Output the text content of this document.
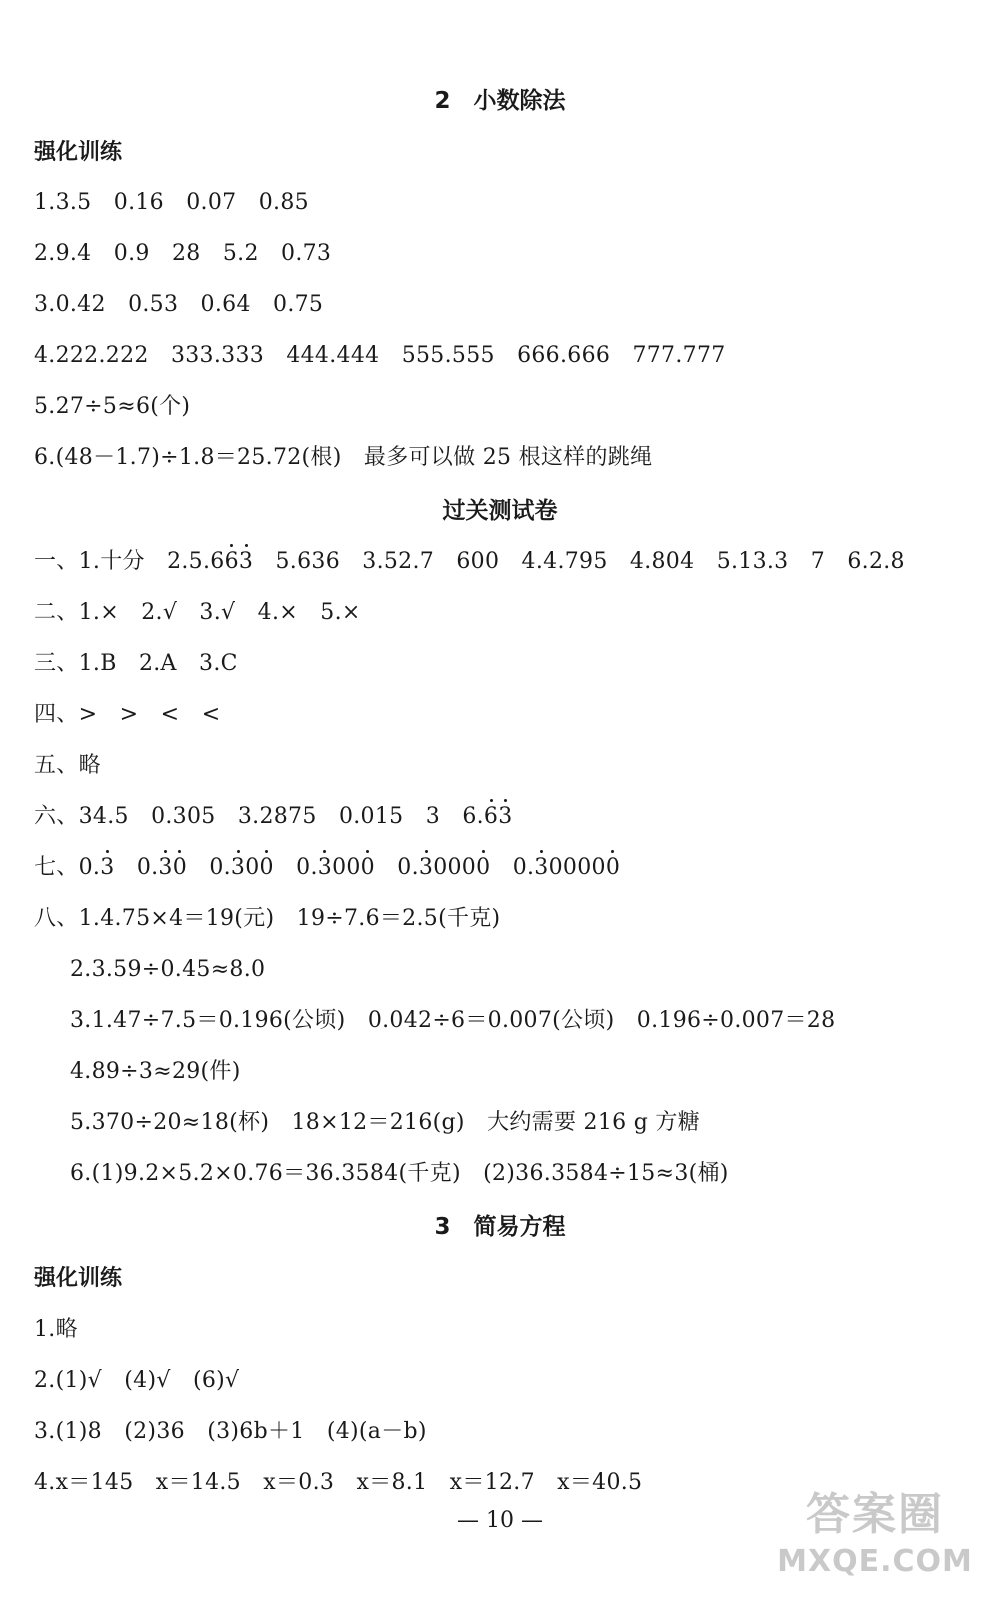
2　小数除法
强化训练
1.3.5　0.16　0.07　0.85
2.9.4　0.9　28　5.2　0.73
3.0.42　0.53　0.64　0.75
4.222.222　333.333　444.444　555.555　666.666　777.777
5.27÷5≈6(个)
6.(48－1.7)÷1.8＝25.72(根)　最多可以做 25 根这样的跳绳
过关测试卷
一、1.十分　2.5.663　5.636　3.52.7　600　4.4.795　4.804　5.13.3　7　6.2.8
二、1.×　2.√　3.√　4.×　5.×
三、1.B　2.A　3.C
四、>　>　<　<
五、略
六、34.5　0.305　3.2875　0.015　3　6.63
七、0.3　0.30　0.300　0.3000　0.30000　0.300000
八、1.4.75×4＝19(元)　19÷7.6＝2.5(千克)
2.3.59÷0.45≈8.0
3.1.47÷7.5＝0.196(公顷)　0.042÷6＝0.007(公顷)　0.196÷0.007＝28
4.89÷3≈29(件)
5.370÷20≈18(杯)　18×12＝216(g)　大约需要 216 g 方糖
6.(1)9.2×5.2×0.76＝36.3584(千克)　(2)36.3584÷15≈3(桶)
3　简易方程
强化训练
1.略
2.(1)√　(4)√　(6)√
3.(1)8　(2)36　(3)6b＋1　(4)(a－b)
4.x＝145　x＝14.5　x＝0.3　x＝8.1　x＝12.7　x＝40.5
— 10 —	答案圈
MXQE.COM
